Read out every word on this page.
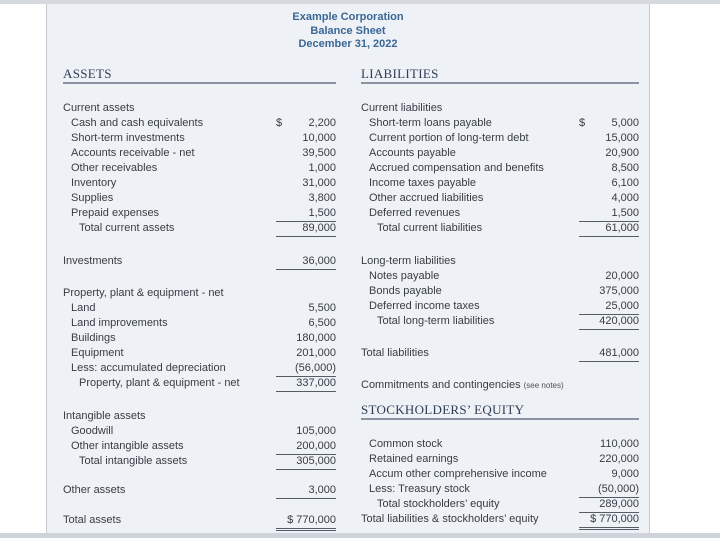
Example Corporation
Balance Sheet
December 31, 2022
ASSETS
Current assets
Cash and cash equivalents	$ 2,200
Short-term investments	10,000
Accounts receivable - net	39,500
Other receivables	1,000
Inventory	31,000
Supplies	3,800
Prepaid expenses	1,500
Total current assets	89,000
Investments	36,000
Property, plant & equipment - net
Land	5,500
Land improvements	6,500
Buildings	180,000
Equipment	201,000
Less: accumulated depreciation	(56,000)
Property, plant & equipment - net	337,000
Intangible assets
Goodwill	105,000
Other intangible assets	200,000
Total intangible assets	305,000
Other assets	3,000
Total assets	$ 770,000
LIABILITIES
Current liabilities
Short-term loans payable	$ 5,000
Current portion of long-term debt	15,000
Accounts payable	20,900
Accrued compensation and benefits	8,500
Income taxes payable	6,100
Other accrued liabilities	4,000
Deferred revenues	1,500
Total current liabilities	61,000
Long-term liabilities
Notes payable	20,000
Bonds payable	375,000
Deferred income taxes	25,000
Total long-term liabilities	420,000
Total liabilities	481,000
Commitments and contingencies (see notes)
STOCKHOLDERS’ EQUITY
Common stock	110,000
Retained earnings	220,000
Accum other comprehensive income	9,000
Less: Treasury stock	(50,000)
Total stockholders’ equity	289,000
Total liabilities & stockholders’ equity	$ 770,000
